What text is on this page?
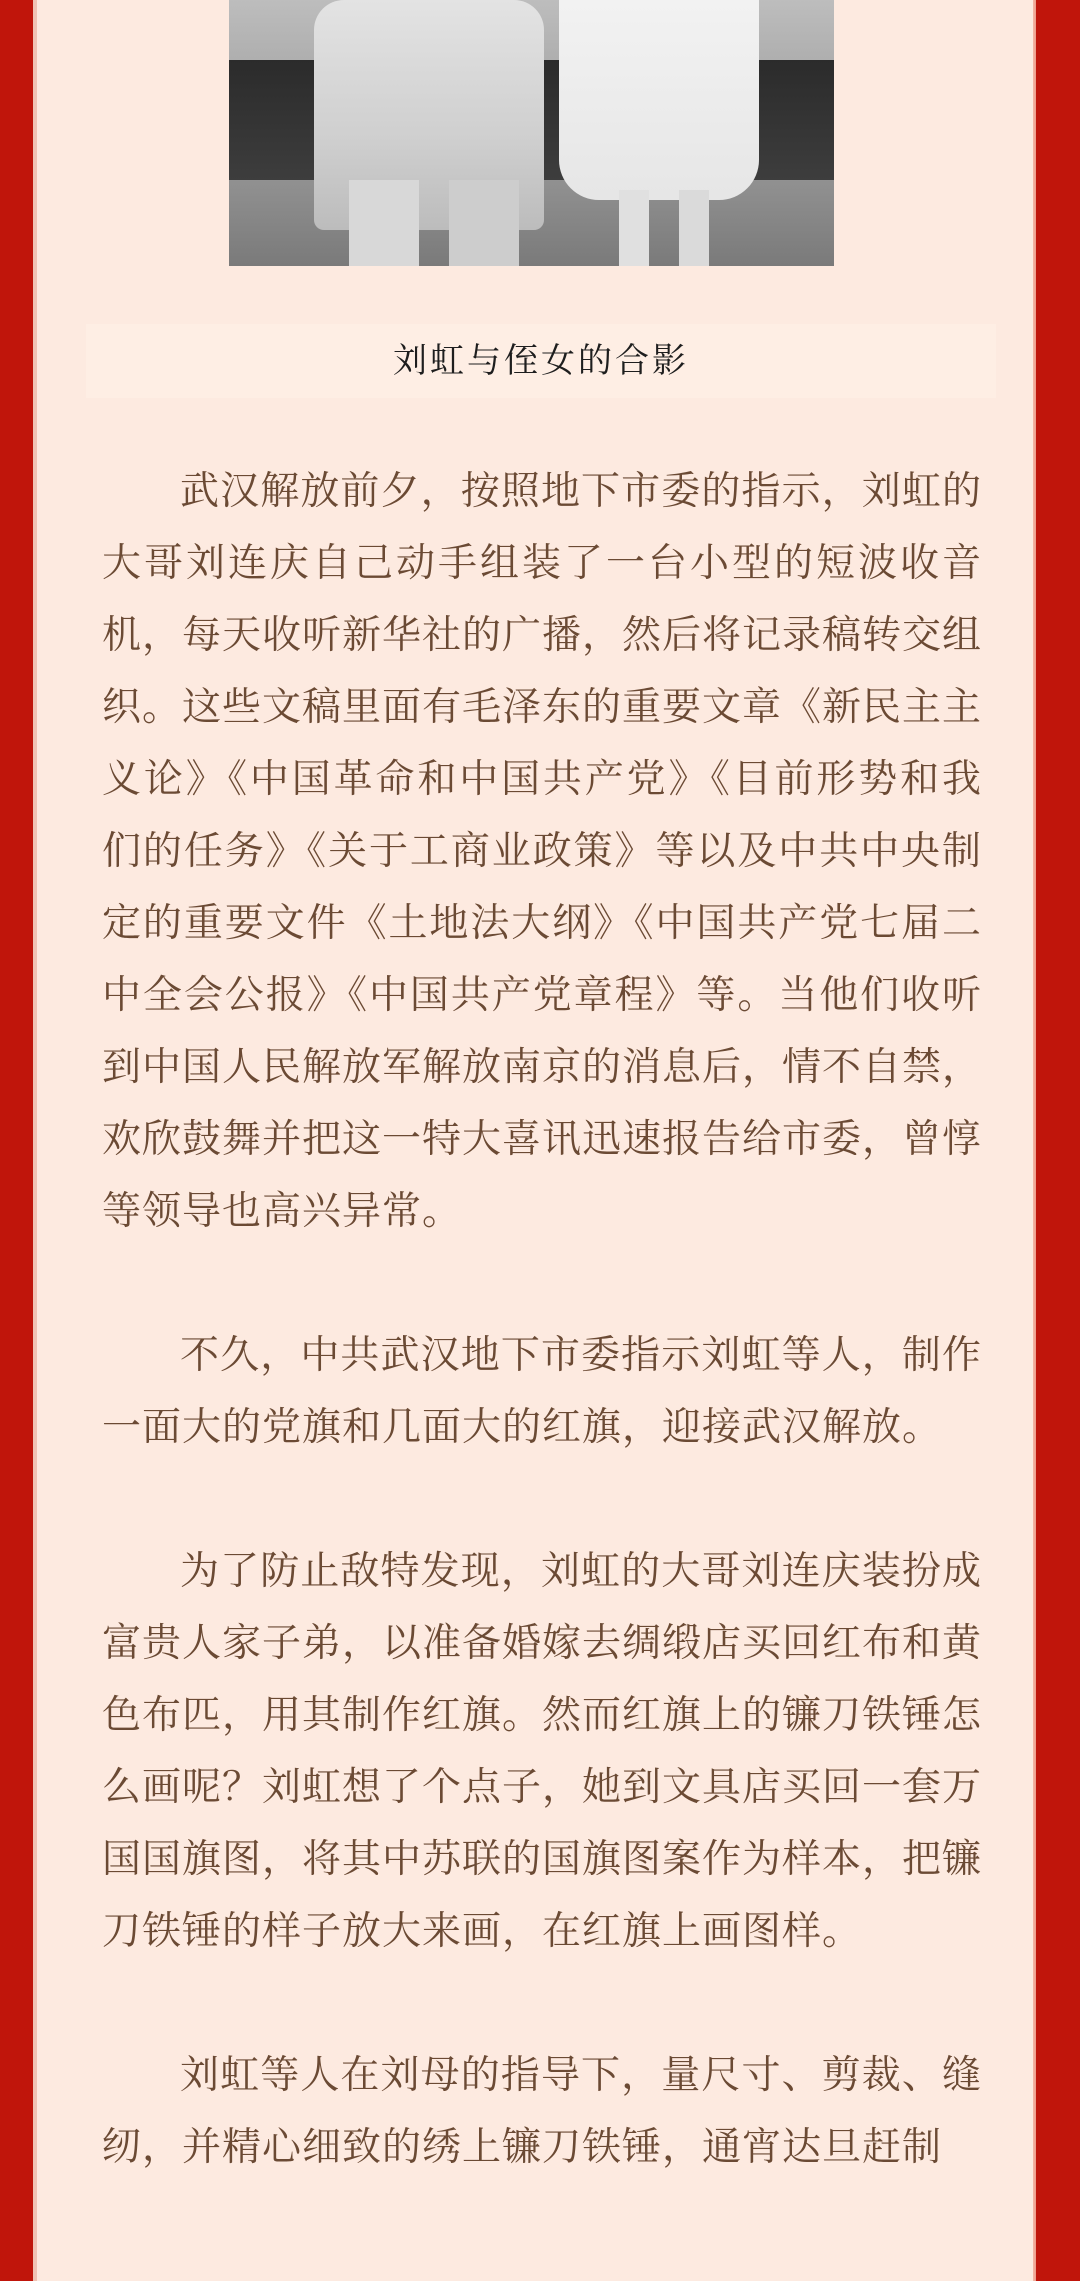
刘虹与侄女的合影

武汉解放前夕，按照地下市委的指示，刘虹的大哥刘连庆自己动手组装了一台小型的短波收音机，每天收听新华社的广播，然后将记录稿转交组织。这些文稿里面有毛泽东的重要文章《新民主主义论》《中国革命和中国共产党》《目前形势和我们的任务》《关于工商业政策》等以及中共中央制定的重要文件《土地法大纲》《中国共产党七届二中全会公报》《中国共产党章程》等。当他们收听到中国人民解放军解放南京的消息后，情不自禁，欢欣鼓舞并把这一特大喜讯迅速报告给市委，曾惇等领导也高兴异常。

不久，中共武汉地下市委指示刘虹等人，制作一面大的党旗和几面大的红旗，迎接武汉解放。

为了防止敌特发现，刘虹的大哥刘连庆装扮成富贵人家子弟，以准备婚嫁去绸缎店买回红布和黄色布匹，用其制作红旗。然而红旗上的镰刀铁锤怎么画呢？刘虹想了个点子，她到文具店买回一套万国国旗图，将其中苏联的国旗图案作为样本，把镰刀铁锤的样子放大来画，在红旗上画图样。

刘虹等人在刘母的指导下，量尺寸、剪裁、缝纫，并精心细致的绣上镰刀铁锤，通宵达旦赶制
